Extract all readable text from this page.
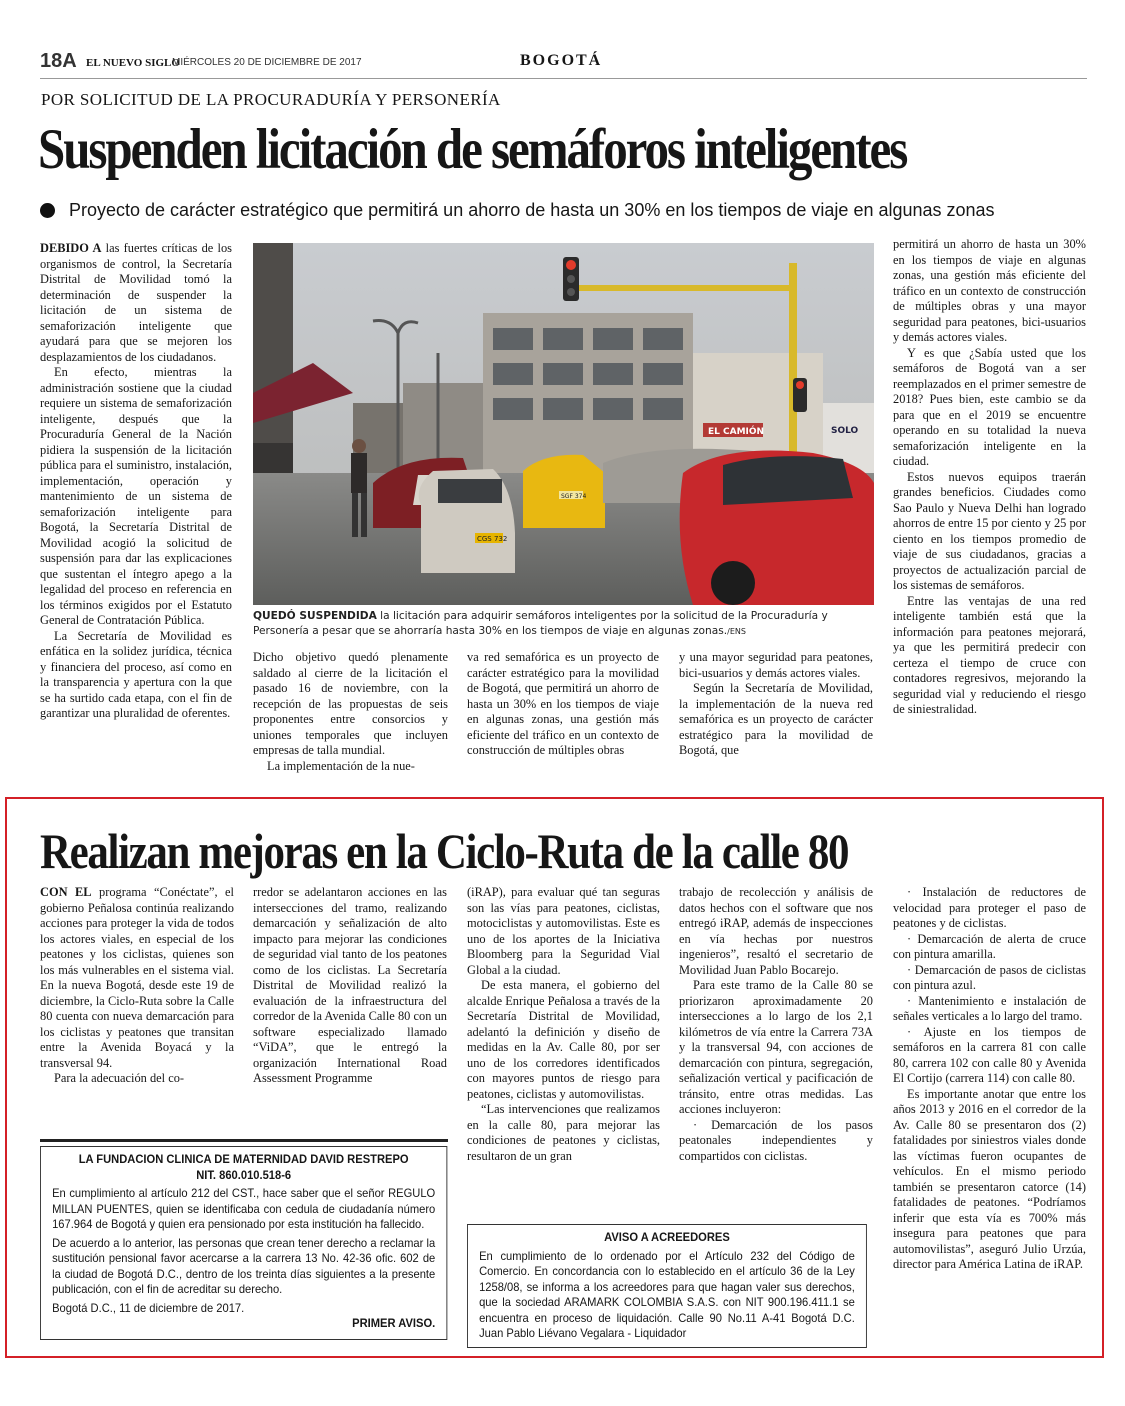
18A EL NUEVO SIGLO
MIÉRCOLES 20 DE DICIEMBRE DE 2017	BOGOTÁ
POR SOLICITUD DE LA PROCURADURÍA Y PERSONERÍA
Suspenden licitación de semáforos inteligentes
Proyecto de carácter estratégico que permitirá un ahorro de hasta un 30% en los tiempos de viaje en algunas zonas

DEBIDO A las fuertes críticas de los organismos de control, la Secretaría Distrital de Movilidad tomó la determinación de suspender la licitación de un sistema de semaforización inteligente que ayudará para que se mejoren los desplazamientos de los ciudadanos.

En efecto, mientras la administración sostiene que la ciudad requiere un sistema de semaforización inteligente, después que la Procuraduría General de la Nación pidiera la suspensión de la licitación pública para el suministro, instalación, implementación, operación y mantenimiento de un sistema de semaforización inteligente para Bogotá, la Secretaría Distrital de Movilidad acogió la solicitud de suspensión para dar las explicaciones que sustentan el íntegro apego a la legalidad del proceso en referencia en los términos exigidos por el Estatuto General de Contratación Pública.

La Secretaría de Movilidad es enfática en la solidez jurídica, técnica y financiera del proceso, así como en la transparencia y apertura con la que se ha surtido cada etapa, con el fin de garantizar una pluralidad de oferentes.

EL CAMIÓN	SOLO
CGS 732
SGF 374
QUEDÓ SUSPENDIDA la licitación para adquirir semáforos inteligentes por la solicitud de la Procuraduría y Personería a pesar que se ahorraría hasta 30% en los tiempos de viaje en algunas zonas./ENS

Dicho objetivo quedó plenamente saldado al cierre de la licitación el pasado 16 de noviembre, con la recepción de las propuestas de seis proponentes entre consorcios y uniones temporales que incluyen empresas de talla mundial.

La implementación de la nue-

va red semafórica es un proyecto de carácter estratégico para la movilidad de Bogotá, que permitirá un ahorro de hasta un 30% en los tiempos de viaje en algunas zonas, una gestión más eficiente del tráfico en un contexto de construcción de múltiples obras

y una mayor seguridad para peatones, bici-usuarios y demás actores viales.

Según la Secretaría de Movilidad, la implementación de la nueva red semafórica es un proyecto de carácter estratégico para la movilidad de Bogotá, que

permitirá un ahorro de hasta un 30% en los tiempos de viaje en algunas zonas, una gestión más eficiente del tráfico en un contexto de construcción de múltiples obras y una mayor seguridad para peatones, bici-usuarios y demás actores viales.

Y es que ¿Sabía usted que los semáforos de Bogotá van a ser reemplazados en el primer semestre de 2018? Pues bien, este cambio se da para que en el 2019 se encuentre operando en su totalidad la nueva semaforización inteligente en la ciudad.

Estos nuevos equipos traerán grandes beneficios. Ciudades como Sao Paulo y Nueva Delhi han logrado ahorros de entre 15 por ciento y 25 por ciento en los tiempos promedio de viaje de sus ciudadanos, gracias a proyectos de actualización parcial de los sistemas de semáforos.

Entre las ventajas de una red inteligente también está que la información para peatones mejorará, ya que les permitirá predecir con certeza el tiempo de cruce con contadores regresivos, mejorando la seguridad vial y reduciendo el riesgo de siniestralidad.

Realizan mejoras en la Ciclo-Ruta de la calle 80

CON EL programa “Conéctate”, el gobierno Peñalosa continúa realizando acciones para proteger la vida de todos los actores viales, en especial de los peatones y los ciclistas, quienes son los más vulnerables en el sistema vial. En la nueva Bogotá, desde este 19 de diciembre, la Ciclo-Ruta sobre la Calle 80 cuenta con nueva demarcación para los ciclistas y peatones que transitan entre la Avenida Boyacá y la transversal 94.

Para la adecuación del co-

rredor se adelantaron acciones en las intersecciones del tramo, realizando demarcación y señalización de alto impacto para mejorar las condiciones de seguridad vial tanto de los peatones como de los ciclistas. La Secretaría Distrital de Movilidad realizó la evaluación de la infraestructura del corredor de la Avenida Calle 80 con un software especializado llamado “ViDA”, que le entregó la organización International Road Assessment Programme

(iRAP), para evaluar qué tan seguras son las vías para peatones, ciclistas, motociclistas y automovilistas. Este es uno de los aportes de la Iniciativa Bloomberg para la Seguridad Vial Global a la ciudad.

De esta manera, el gobierno del alcalde Enrique Peñalosa a través de la Secretaría Distrital de Movilidad, adelantó la definición y diseño de medidas en la Av. Calle 80, por ser uno de los corredores identificados con mayores puntos de riesgo para peatones, ciclistas y automovilistas.

“Las intervenciones que realizamos en la calle 80, para mejorar las condiciones de peatones y ciclistas, resultaron de un gran

trabajo de recolección y análisis de datos hechos con el software que nos entregó iRAP, además de inspecciones en vía hechas por nuestros ingenieros”, resaltó el secretario de Movilidad Juan Pablo Bocarejo.

Para este tramo de la Calle 80 se priorizaron aproximadamente 20 intersecciones a lo largo de los 2,1 kilómetros de vía entre la Carrera 73A y la transversal 94, con acciones de demarcación con pintura, segregación, señalización vertical y pacificación de tránsito, entre otras medidas. Las acciones incluyeron:

· Demarcación de los pasos peatonales independientes y compartidos con ciclistas.

· Instalación de reductores de velocidad para proteger el paso de peatones y de ciclistas.

· Demarcación de alerta de cruce con pintura amarilla.

· Demarcación de pasos de ciclistas con pintura azul.

· Mantenimiento e instalación de señales verticales a lo largo del tramo.

· Ajuste en los tiempos de semáforos en la carrera 81 con calle 80, carrera 102 con calle 80 y Avenida El Cortijo (carrera 114) con calle 80.

Es importante anotar que entre los años 2013 y 2016 en el corredor de la Av. Calle 80 se presentaron dos (2) fatalidades por siniestros viales donde las víctimas fueron ocupantes de vehículos. En el mismo periodo también se presentaron catorce (14) fatalidades de peatones. “Podríamos inferir que esta vía es 700% más insegura para peatones que para automovilistas”, aseguró Julio Urzúa, director para América Latina de iRAP.

LA FUNDACION CLINICA DE MATERNIDAD DAVID RESTREPO
NIT. 860.010.518-6

En cumplimiento al artículo 212 del CST., hace saber que el señor REGULO MILLAN PUENTES, quien se identificaba con cedula de ciudadanía número 167.964 de Bogotá y quien era pensionado por esta institución ha fallecido.

De acuerdo a lo anterior, las personas que crean tener derecho a reclamar la sustitución pensional favor acercarse a la carrera 13 No. 42-36 ofic. 602 de la ciudad de Bogotá D.C., dentro de los treinta días siguientes a la presente publicación, con el fin de acreditar su derecho.

Bogotá D.C., 11 de diciembre de 2017.

PRIMER AVISO.
AVISO A ACREEDORES

En cumplimiento de lo ordenado por el Artículo 232 del Código de Comercio. En concordancia con lo establecido en el artículo 36 de la Ley 1258/08, se informa a los acreedores para que hagan valer sus derechos, que la sociedad ARAMARK COLOMBIA S.A.S. con NIT 900.196.411.1 se encuentra en proceso de liquidación. Calle 90 No.11 A-41 Bogotá D.C. Juan Pablo Liévano Vegalara - Liquidador
